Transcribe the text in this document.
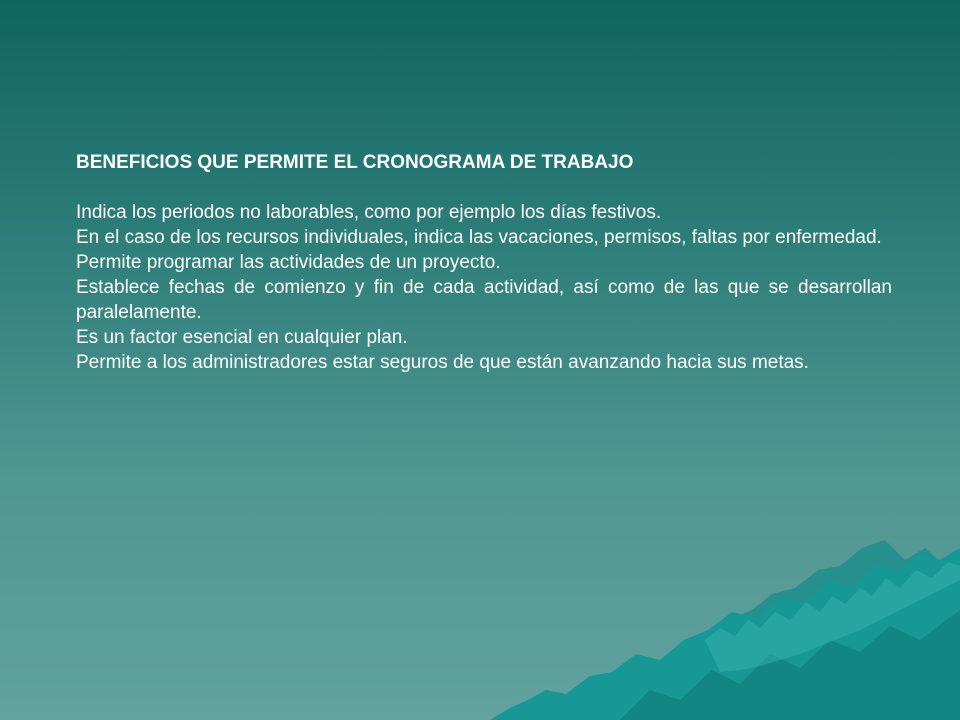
BENEFICIOS QUE PERMITE EL CRONOGRAMA DE TRABAJO

Indica los periodos no laborables, como por ejemplo los días festivos.

En el caso de los recursos individuales, indica las vacaciones, permisos, faltas por enfermedad.

Permite programar las actividades de un proyecto.

Establece fechas de comienzo y fin de cada actividad, así como de las que se desarrollan paralelamente.

Es un factor esencial en cualquier plan.

Permite a los administradores estar seguros de que están avanzando hacia sus metas.
